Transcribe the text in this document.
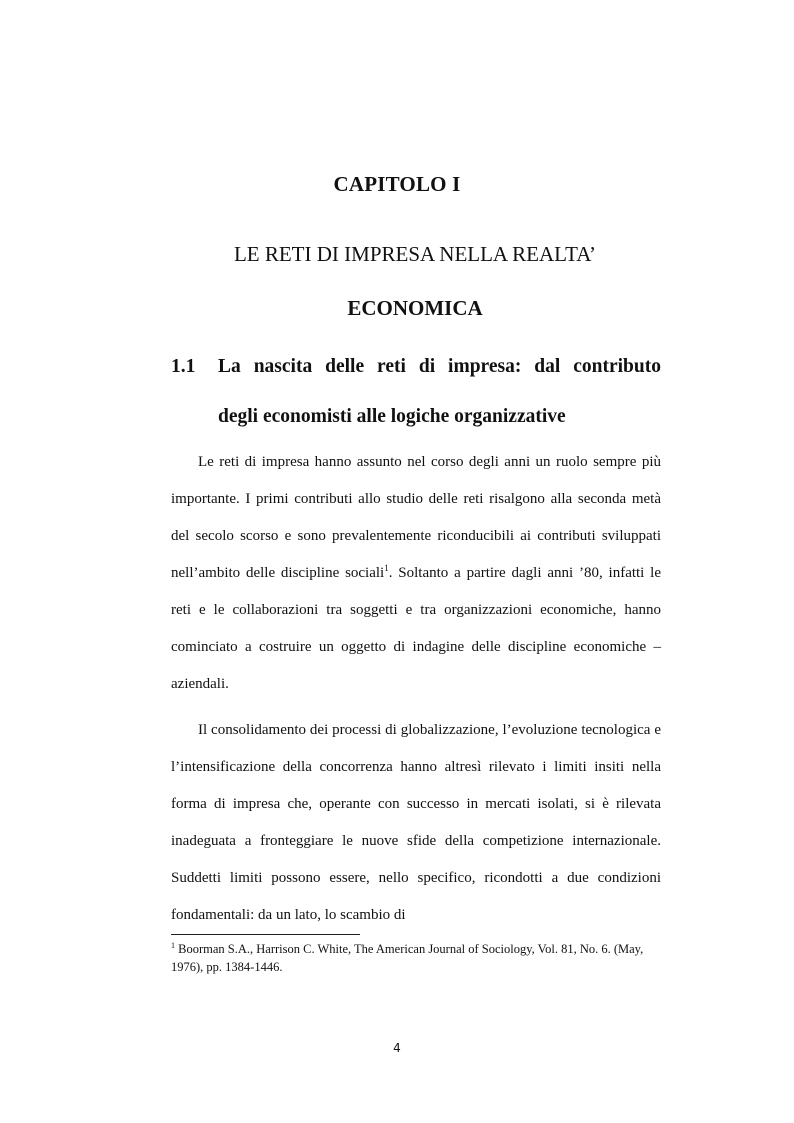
CAPITOLO I
LE RETI DI IMPRESA NELLA REALTA’
ECONOMICA
1.1 La nascita delle reti di impresa: dal contributo
degli economisti alle logiche organizzative

Le reti di impresa hanno assunto nel corso degli anni un ruolo sempre più importante. I primi contributi allo studio delle reti risalgono alla seconda metà del secolo scorso e sono prevalentemente riconducibili ai contributi sviluppati nell’ambito delle discipline sociali$^1$. Soltanto a partire dagli anni ’80, infatti le reti e le collaborazioni tra soggetti e tra organizzazioni economiche, hanno cominciato a costruire un oggetto di indagine delle discipline economiche – aziendali.

Il consolidamento dei processi di globalizzazione, l’evoluzione tecnologica e l’intensificazione della concorrenza hanno altresì rilevato i limiti insiti nella forma di impresa che, operante con successo in mercati isolati, si è rilevata inadeguata a fronteggiare le nuove sfide della competizione internazionale. Suddetti limiti possono essere, nello specifico, ricondotti a due condizioni fondamentali: da un lato, lo scambio di

$^1$ Boorman S.A., Harrison C. White, The American Journal of Sociology, Vol. 81, No. 6. (May, 1976), pp. 1384-1446.
4
